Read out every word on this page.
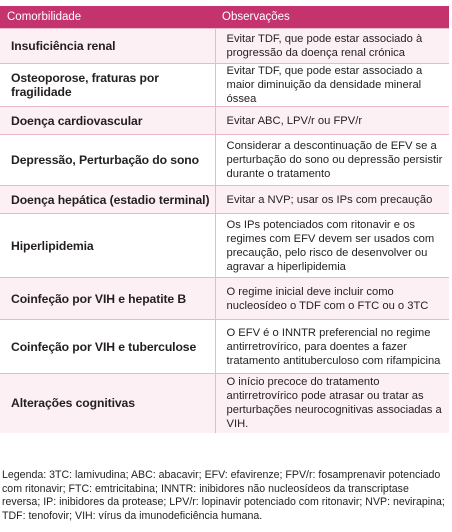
Comorbilidade	Observações
Insuficiência renal	Evitar TDF, que pode estar associado à progressão da doença renal crónica
Osteoporose, fraturas por fragilidade	Evitar TDF, que pode estar associado a maior diminuição da densidade mineral óssea
Doença cardiovascular	Evitar ABC, LPV/r ou FPV/r
Depressão, Perturbação do sono	Considerar a descontinuação de EFV se a perturbação do sono ou depressão persistir durante o tratamento
Doença hepática (estadio terminal)	Evitar a NVP; usar os IPs com precaução
Hiperlipidemia	Os IPs potenciados com ritonavir e os regimes com EFV devem ser usados com precaução, pelo risco de desenvolver ou agravar a hiperlipidemia
Coinfeção por VIH e hepatite B	O regime inicial deve incluir como nucleosídeo o TDF com o FTC ou o 3TC
Coinfeção por VIH e tuberculose	O EFV é o INNTR preferencial no regime antirretrovírico, para doentes a fazer tratamento antituberculoso com rifampicina
Alterações cognitivas	O início precoce do tratamento antirretrovírico pode atrasar ou tratar as perturbações neurocognitivas associadas a VIH.
Legenda: 3TC: lamivudina; ABC: abacavir; EFV: efavirenze; FPV/r: fosamprenavir potenciado com ritonavir; FTC: emtricitabina; INNTR: inibidores não nucleosídeos da transcriptase reversa; IP: inibidores da protease; LPV/r: lopinavir potenciado com ritonavir; NVP: nevirapina; TDF: tenofovir; VIH: vírus da imunodeficiência humana.
